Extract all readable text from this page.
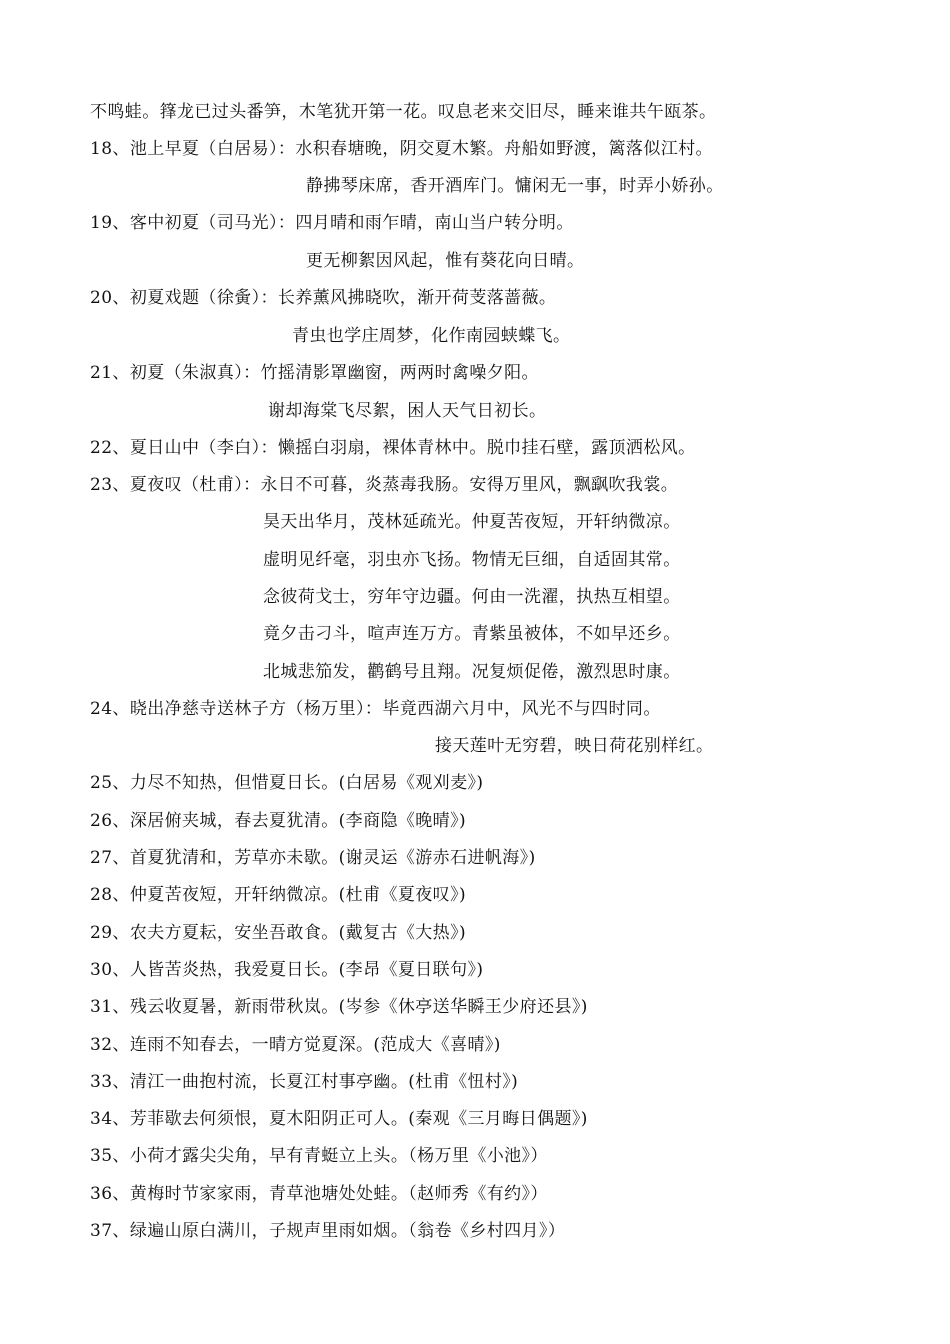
不鸣蛙。箨龙已过头番笋，木笔犹开第一花。叹息老来交旧尽，睡来谁共午瓯茶。
18、池上早夏（白居易）：水积春塘晚，阴交夏木繁。舟船如野渡，篱落似江村。
静拂琴床席，香开酒库门。慵闲无一事，时弄小娇孙。
19、客中初夏（司马光）：四月晴和雨乍晴，南山当户转分明。
更无柳絮因风起，惟有葵花向日晴。
20、初夏戏题（徐夤）：长养薰风拂晓吹，渐开荷芰落蔷薇。
青虫也学庄周梦，化作南园蛱蝶飞。
21、初夏（朱淑真）：竹摇清影罩幽窗，两两时禽噪夕阳。
谢却海棠飞尽絮，困人天气日初长。
22、夏日山中（李白）：懒摇白羽扇，裸体青林中。脱巾挂石壁，露顶洒松风。
23、夏夜叹（杜甫）：永日不可暮，炎蒸毒我肠。安得万里风，飘飖吹我裳。
昊天出华月，茂林延疏光。仲夏苦夜短，开轩纳微凉。
虚明见纤毫，羽虫亦飞扬。物情无巨细，自适固其常。
念彼荷戈士，穷年守边疆。何由一洗濯，执热互相望。
竟夕击刁斗，喧声连万方。青紫虽被体，不如早还乡。
北城悲笳发，鹳鹤号且翔。况复烦促倦，激烈思时康。
24、晓出净慈寺送林子方（杨万里）：毕竟西湖六月中，风光不与四时同。
接天莲叶无穷碧，映日荷花别样红。
25、力尽不知热，但惜夏日长。(白居易《观刈麦》)
26、深居俯夹城，春去夏犹清。(李商隐《晚晴》)
27、首夏犹清和，芳草亦未歇。(谢灵运《游赤石进帆海》)
28、仲夏苦夜短，开轩纳微凉。(杜甫《夏夜叹》)
29、农夫方夏耘，安坐吾敢食。(戴复古《大热》)
30、人皆苦炎热，我爱夏日长。(李昂《夏日联句》)
31、残云收夏暑，新雨带秋岚。(岑参《休亭送华瞬王少府还县》)
32、连雨不知春去，一晴方觉夏深。(范成大《喜晴》)
33、清江一曲抱村流，长夏江村事亭幽。(杜甫《忸村》)
34、芳菲歇去何须恨，夏木阳阴正可人。(秦观《三月晦日偶题》)
35、小荷才露尖尖角，早有青蜓立上头。（杨万里《小池》）
36、黄梅时节家家雨，青草池塘处处蛙。（赵师秀《有约》）
37、绿遍山原白满川，子规声里雨如烟。（翁卷《乡村四月》）
